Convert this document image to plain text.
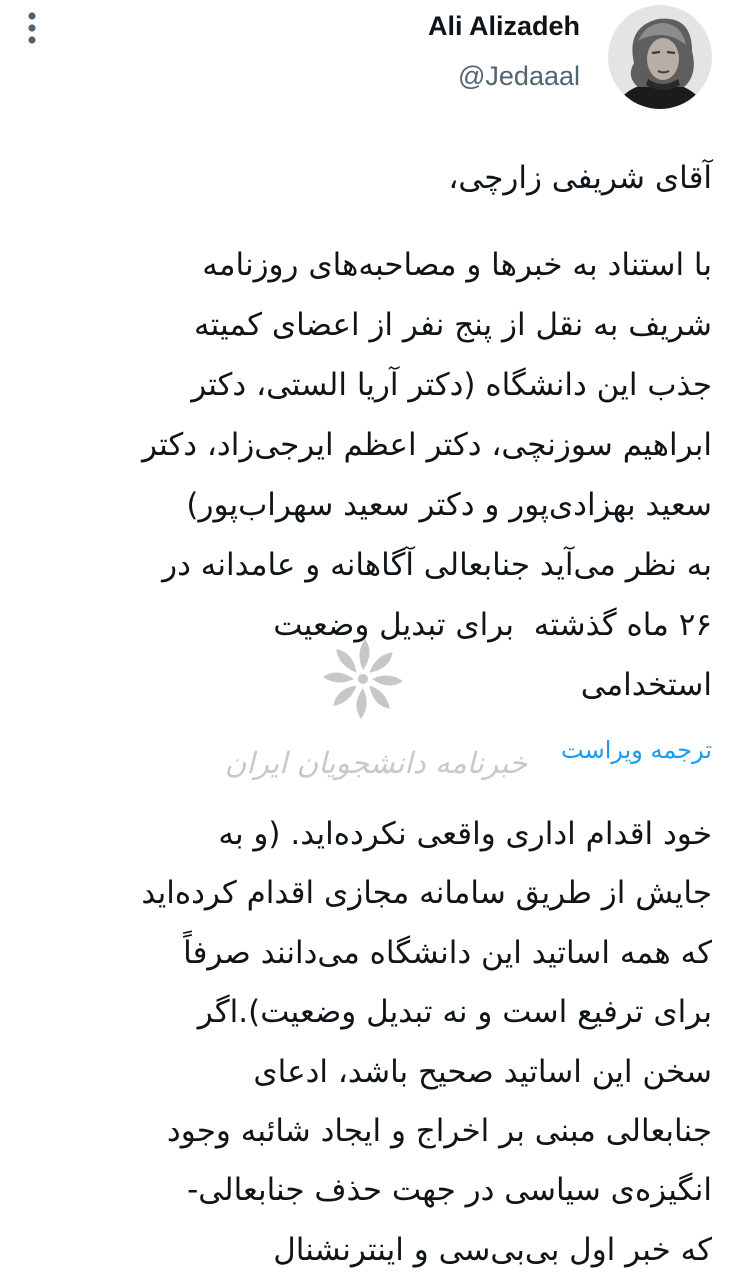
Ali Alizadeh
@Jedaaal
خبرنامه دانشجویان ایران
آقای شریفی زارچی،
با استناد به خبرها و مصاحبه‌های روزنامه
شریف به نقل از پنج نفر از اعضای کمیته
جذب این دانشگاه (دکتر آریا الستی، دکتر
ابراهیم سوزنچی، دکتر اعظم ایرجی‌زاد، دکتر
سعید بهزادی‌پور و دکتر سعید سهراب‌پور)
به نظر می‌آید جنابعالی آگاهانه و عامدانه در
۲۶ ماه گذشته  برای تبدیل وضعیت
استخدامی
ترجمه ویراست
خود اقدام اداری واقعی نکرده‌اید. (و به
جایش از طریق سامانه مجازی اقدام کرده‌اید
که همه اساتید این دانشگاه می‌دانند صرفاً
برای ترفیع است و نه تبدیل وضعیت).اگر
سخن این اساتید صحیح باشد، ادعای
جنابعالی مبنی بر اخراج و ایجاد شائبه وجود
انگیزه‌ی سیاسی در جهت حذف جنابعالی-
که خبر اول بی‌بی‌سی و اینترنشنال
